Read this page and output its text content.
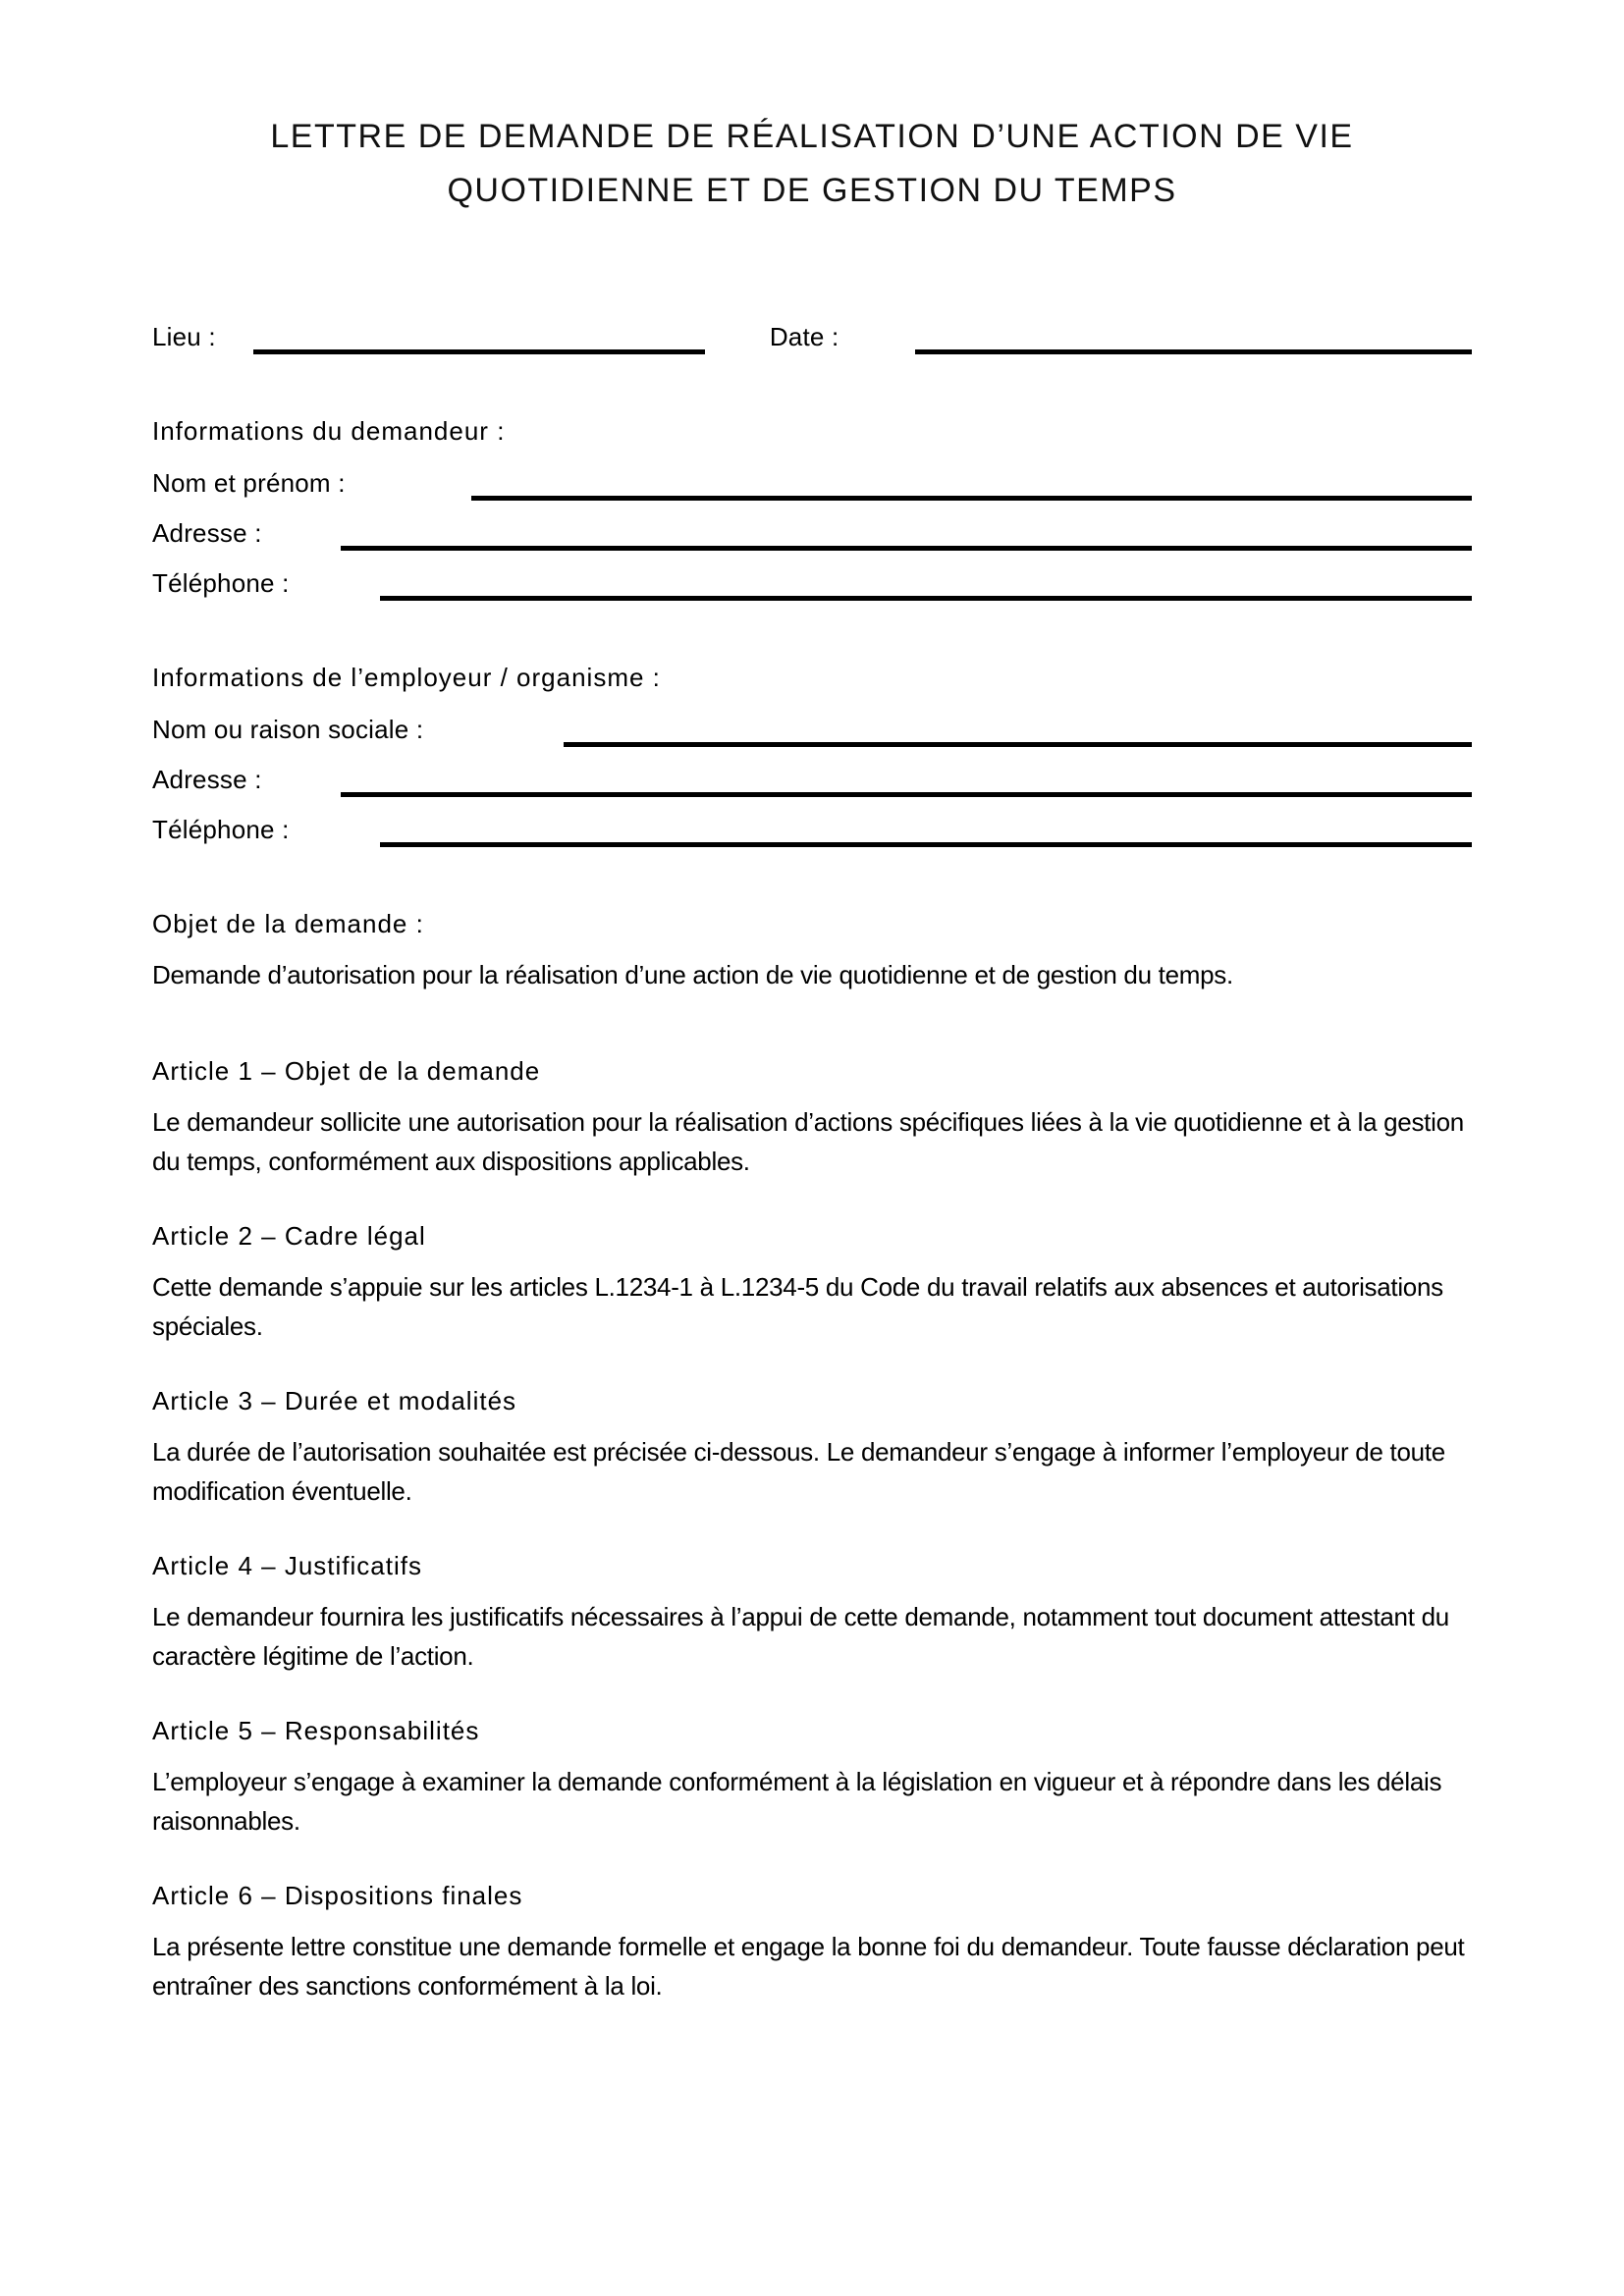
LETTRE DE DEMANDE DE RÉALISATION D’UNE ACTION DE VIE
QUOTIDIENNE ET DE GESTION DU TEMPS
Lieu :	Date :
Informations du demandeur :
Nom et prénom :
Adresse :
Téléphone :
Informations de l’employeur / organisme :
Nom ou raison sociale :
Adresse :
Téléphone :
Objet de la demande :

Demande d’autorisation pour la réalisation d’une action de vie quotidienne et de gestion du temps.

Article 1 – Objet de la demande

Le demandeur sollicite une autorisation pour la réalisation d’actions spécifiques liées à la vie quotidienne et à la gestion du temps, conformément aux dispositions applicables.

Article 2 – Cadre légal

Cette demande s’appuie sur les articles L.1234-1 à L.1234-5 du Code du travail relatifs aux absences et autorisations spéciales.

Article 3 – Durée et modalités

La durée de l’autorisation souhaitée est précisée ci-dessous. Le demandeur s’engage à informer l’employeur de toute modification éventuelle.

Article 4 – Justificatifs

Le demandeur fournira les justificatifs nécessaires à l’appui de cette demande, notamment tout document attestant du caractère légitime de l’action.

Article 5 – Responsabilités

L’employeur s’engage à examiner la demande conformément à la législation en vigueur et à répondre dans les délais raisonnables.

Article 6 – Dispositions finales

La présente lettre constitue une demande formelle et engage la bonne foi du demandeur. Toute fausse déclaration peut entraîner des sanctions conformément à la loi.
